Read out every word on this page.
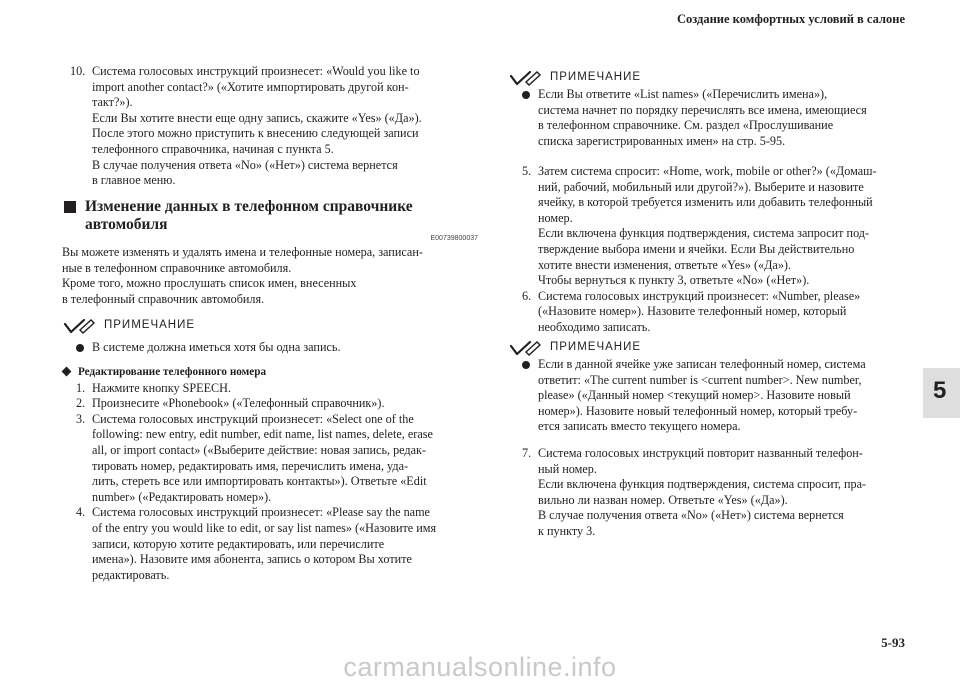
Создание комфортных условий в салоне
5
5-93
carmanualsonline.info
10. Система голосовых инструкций произнесет: «Would you like to

import another contact?» («Хотите импортировать другой кон-

такт?»).

Если Вы хотите внести еще одну запись, скажите «Yes» («Да»).

После этого можно приступить к внесению следующей записи

телефонного справочника, начиная с пункта 5.

В случае получения ответа «No» («Нет») система вернется

в главное меню.

Изменение данных в телефонном справочнике
автомобиля
E00739800037

Вы можете изменять и удалять имена и телефонные номера, записан-

ные в телефонном справочнике автомобиля.

Кроме того, можно прослушать список имен, внесенных

в телефонный справочник автомобиля.

ПРИМЕЧАНИЕ

В системе должна иметься хотя бы одна запись.

Редактирование телефонного номера
1. Нажмите кнопку SPEECH.

2. Произнесите «Phonebook» («Телефонный справочник»).

3. Система голосовых инструкций произнесет: «Select one of the

following: new entry, edit number, edit name, list names, delete, erase

all, or import contact» («Выберите действие: новая запись, редак-

тировать номер, редактировать имя, перечислить имена, уда-

лить, стереть все или импортировать контакты»). Ответьте «Edit

number» («Редактировать номер»).

4. Система голосовых инструкций произнесет: «Please say the name

of the entry you would like to edit, or say list names» («Назовите имя

записи, которую хотите редактировать, или перечислите

имена»). Назовите имя абонента, запись о котором Вы хотите

редактировать.

ПРИМЕЧАНИЕ

Если Вы ответите «List names» («Перечислить имена»),

система начнет по порядку перечислять все имена, имеющиеся

в телефонном справочнике. См. раздел «Прослушивание

списка зарегистрированных имен» на стр. 5-95.

5. Затем система спросит: «Home, work, mobile or other?» («Домаш-

ний, рабочий, мобильный или другой?»). Выберите и назовите

ячейку, в которой требуется изменить или добавить телефонный

номер.

Если включена функция подтверждения, система запросит под-

тверждение выбора имени и ячейки. Если Вы действительно

хотите внести изменения, ответьте «Yes» («Да»).

Чтобы вернуться к пункту 3, ответьте «No» («Нет»).

6. Система голосовых инструкций произнесет: «Number, please»

(«Назовите номер»). Назовите телефонный номер, который

необходимо записать.

ПРИМЕЧАНИЕ

Если в данной ячейке уже записан телефонный номер, система

ответит: «The current number is <current number>. New number,

please» («Данный номер <текущий номер>. Назовите новый

номер»). Назовите новый телефонный номер, который требу-

ется записать вместо текущего номера.

7. Система голосовых инструкций повторит названный телефон-

ный номер.

Если включена функция подтверждения, система спросит, пра-

вильно ли назван номер. Ответьте «Yes» («Да»).

В случае получения ответа «No» («Нет») система вернется

к пункту 3.
